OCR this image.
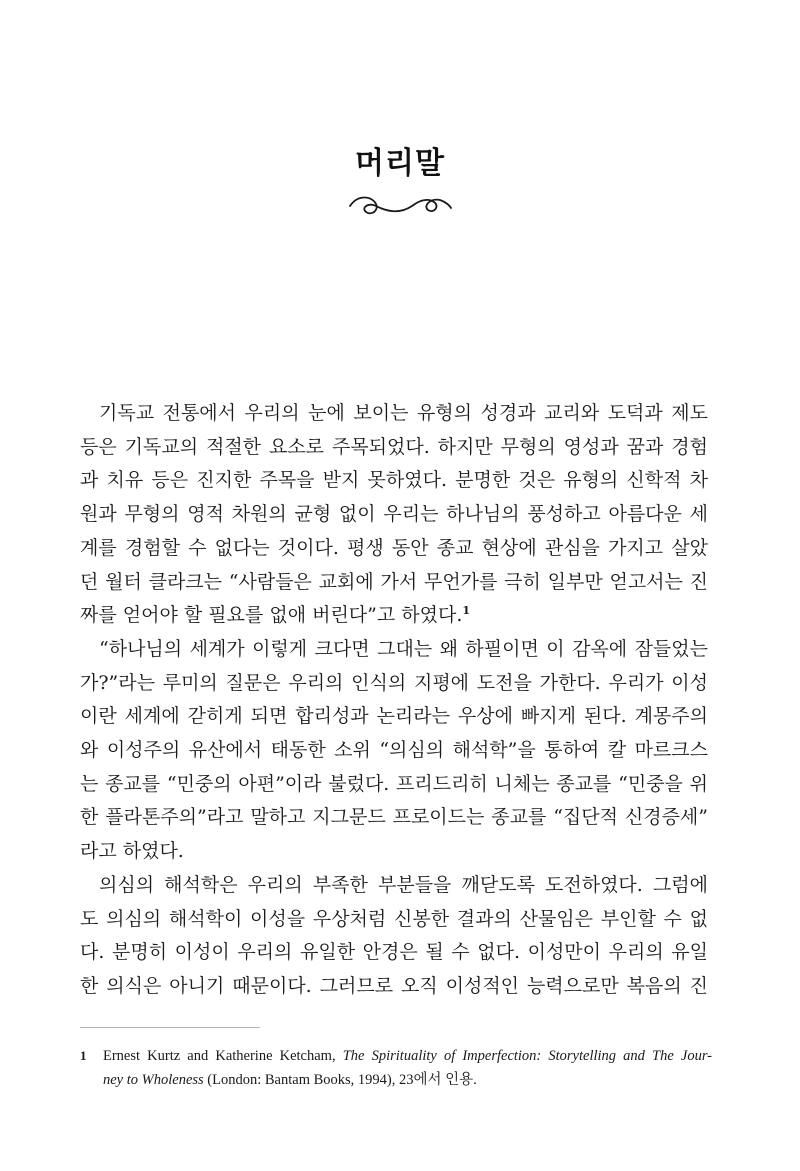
머리말
기독교 전통에서 우리의 눈에 보이는 유형의 성경과 교리와 도덕과 제도
등은 기독교의 적절한 요소로 주목되었다. 하지만 무형의 영성과 꿈과 경험
과 치유 등은 진지한 주목을 받지 못하였다. 분명한 것은 유형의 신학적 차
원과 무형의 영적 차원의 균형 없이 우리는 하나님의 풍성하고 아름다운 세
계를 경험할 수 없다는 것이다. 평생 동안 종교 현상에 관심을 가지고 살았
던 월터 클라크는 “사람들은 교회에 가서 무언가를 극히 일부만 얻고서는 진
짜를 얻어야 할 필요를 없애 버린다”고 하였다.$^1$
“하나님의 세계가 이렇게 크다면 그대는 왜 하필이면 이 감옥에 잠들었는
가?”라는 루미의 질문은 우리의 인식의 지평에 도전을 가한다. 우리가 이성
이란 세계에 갇히게 되면 합리성과 논리라는 우상에 빠지게 된다. 계몽주의
와 이성주의 유산에서 태동한 소위 “의심의 해석학”을 통하여 칼 마르크스
는 종교를 “민중의 아편”이라 불렀다. 프리드리히 니체는 종교를 “민중을 위
한 플라톤주의”라고 말하고 지그문드 프로이드는 종교를 “집단적 신경증세”
라고 하였다.
의심의 해석학은 우리의 부족한 부분들을 깨닫도록 도전하였다. 그럼에
도 의심의 해석학이 이성을 우상처럼 신봉한 결과의 산물임은 부인할 수 없
다. 분명히 이성이 우리의 유일한 안경은 될 수 없다. 이성만이 우리의 유일
한 의식은 아니기 때문이다. 그러므로 오직 이성적인 능력으로만 복음의 진
1 Ernest Kurtz and Katherine Ketcham, The Spirituality of Imperfection: Storytelling and The Jour-
ney to Wholeness (London: Bantam Books, 1994), 23에서 인용.
